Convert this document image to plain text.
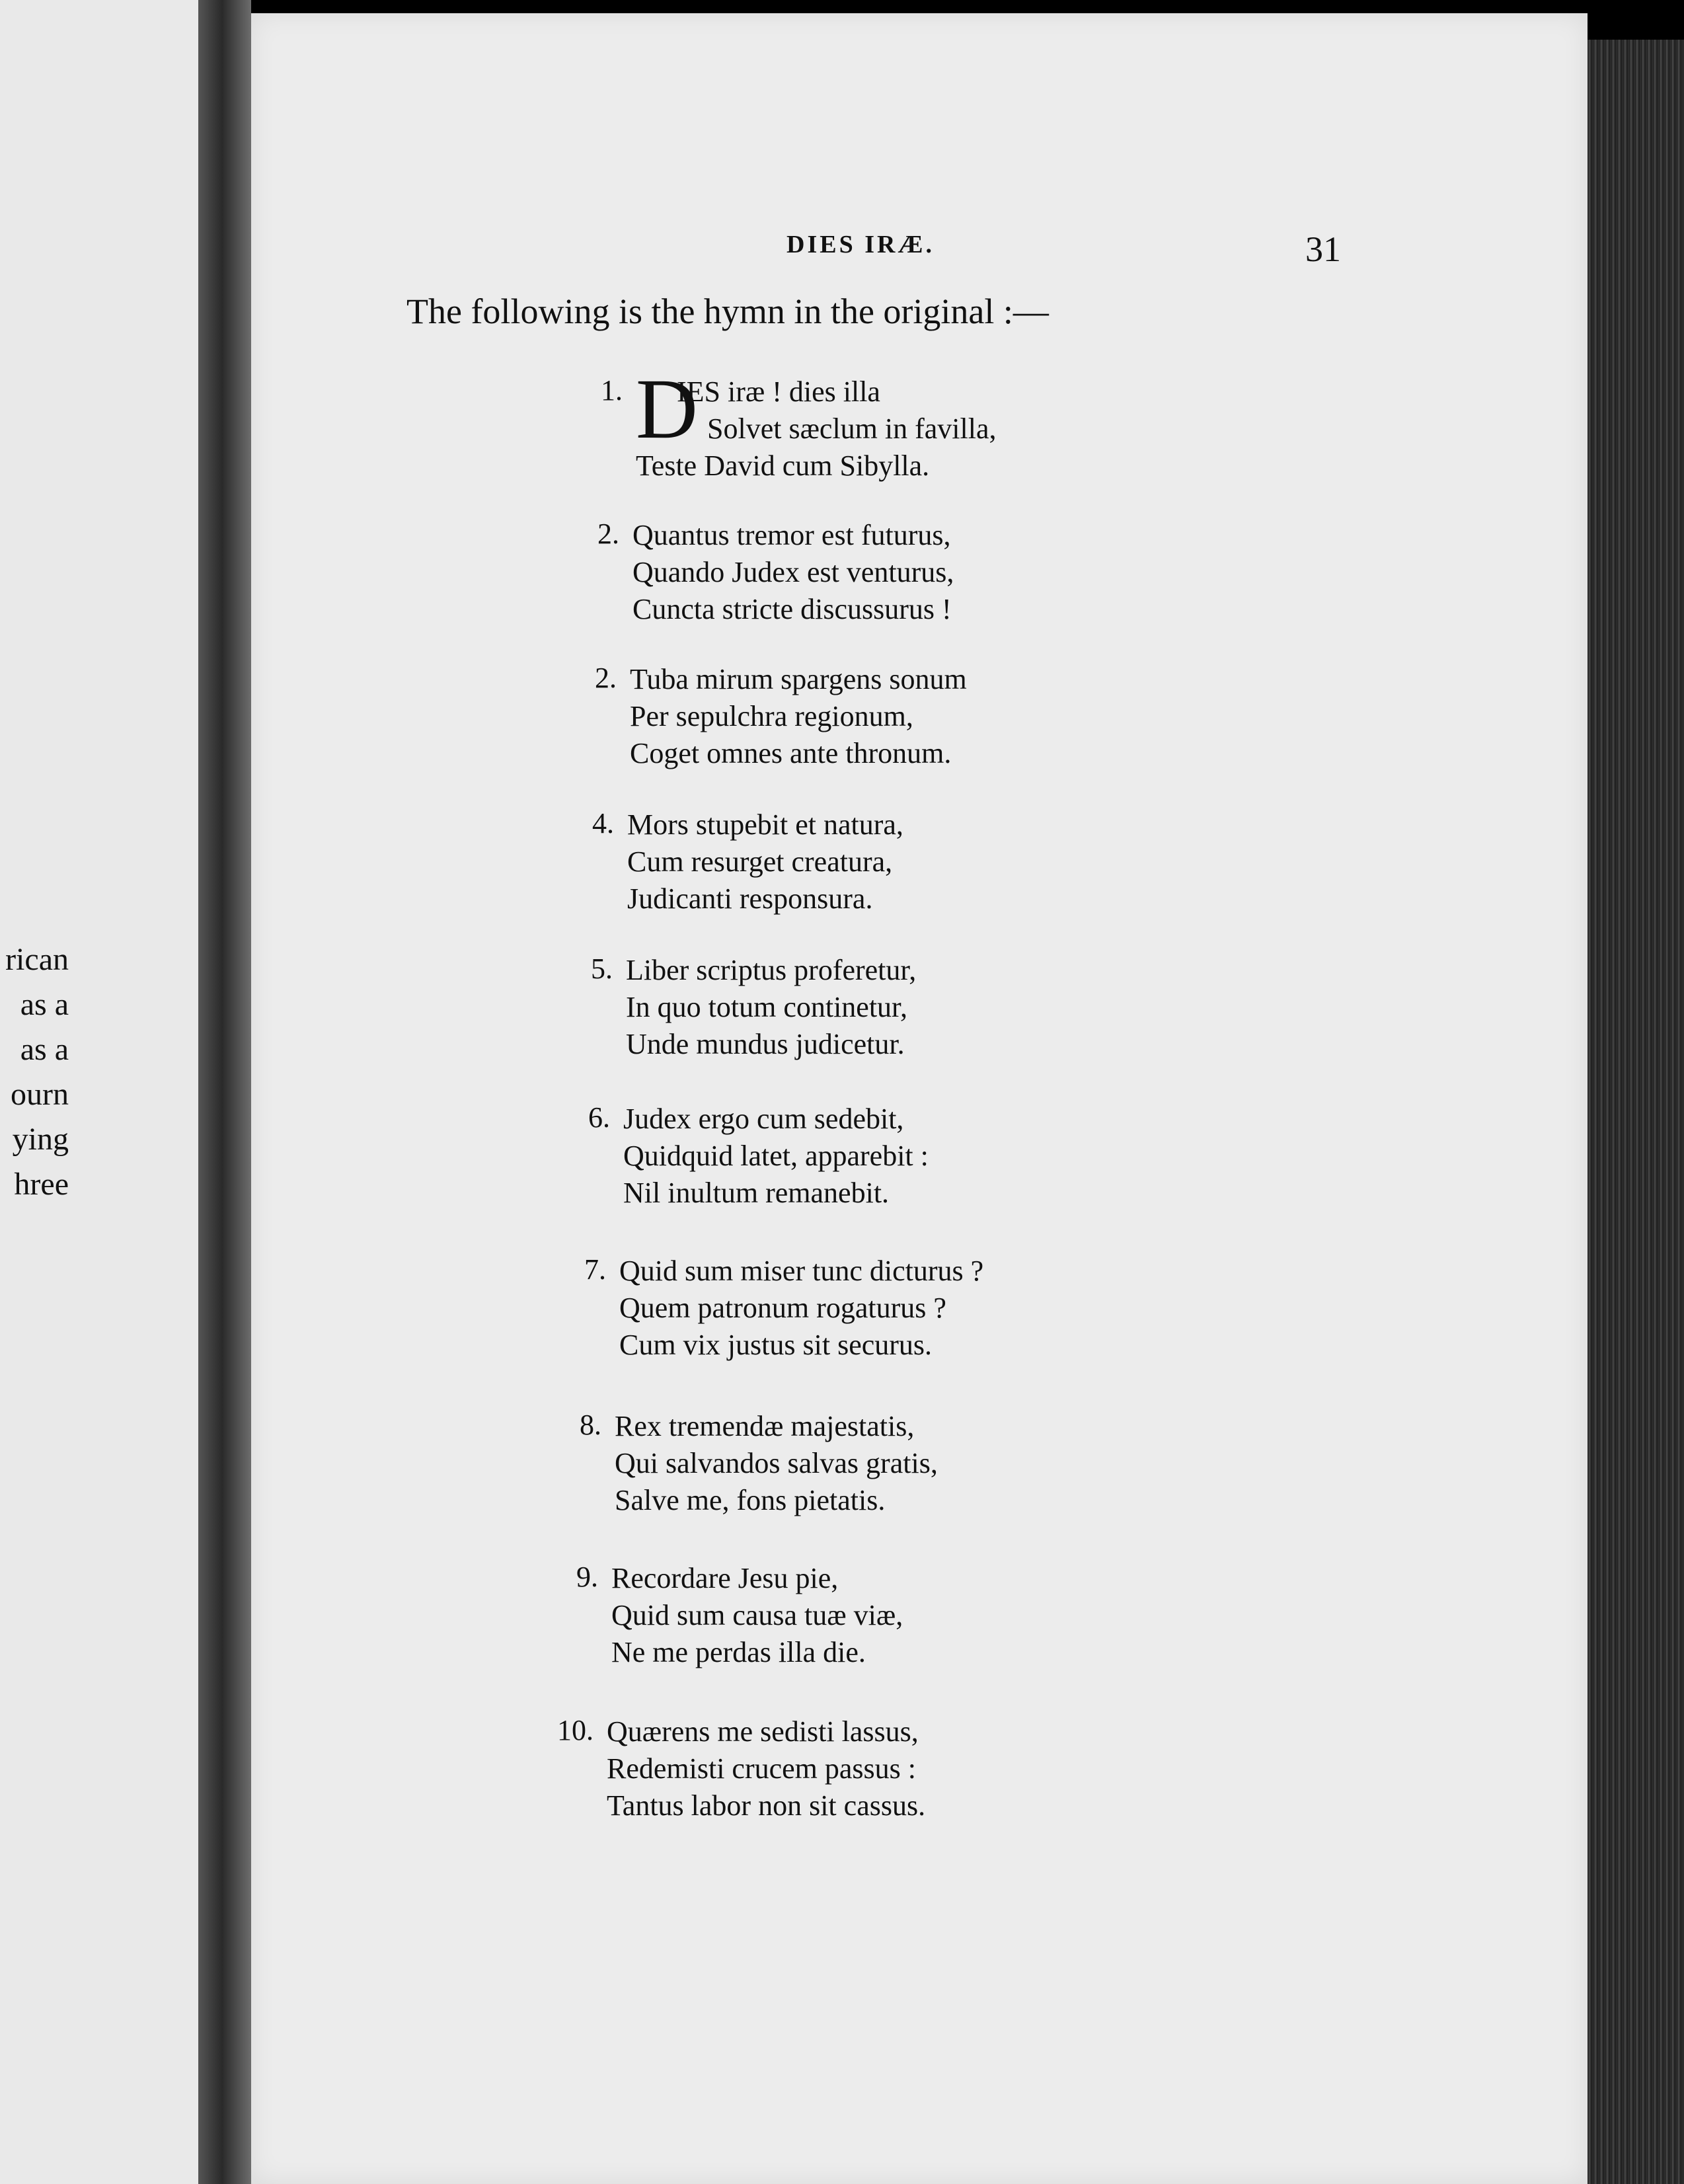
rican
as a
as a
ourn
ying
hree
DIES IRÆ.	31
The following is the hymn in the original :—
1. D
IES iræ ! dies illa
Solvet sæclum in favilla,
Teste David cum Sibylla.
2. Quantus tremor est futurus,
Quando Judex est venturus,
Cuncta stricte discussurus !
2. Tuba mirum spargens sonum
Per sepulchra regionum,
Coget omnes ante thronum.
4. Mors stupebit et natura,
Cum resurget creatura,
Judicanti responsura.
5. Liber scriptus proferetur,
In quo totum continetur,
Unde mundus judicetur.
6. Judex ergo cum sedebit,
Quidquid latet, apparebit :
Nil inultum remanebit.
7. Quid sum miser tunc dicturus ?
Quem patronum rogaturus ?
Cum vix justus sit securus.
8. Rex tremendæ majestatis,
Qui salvandos salvas gratis,
Salve me, fons pietatis.
9. Recordare Jesu pie,
Quid sum causa tuæ viæ,
Ne me perdas illa die.
10. Quærens me sedisti lassus,
Redemisti crucem passus :
Tantus labor non sit cassus.
